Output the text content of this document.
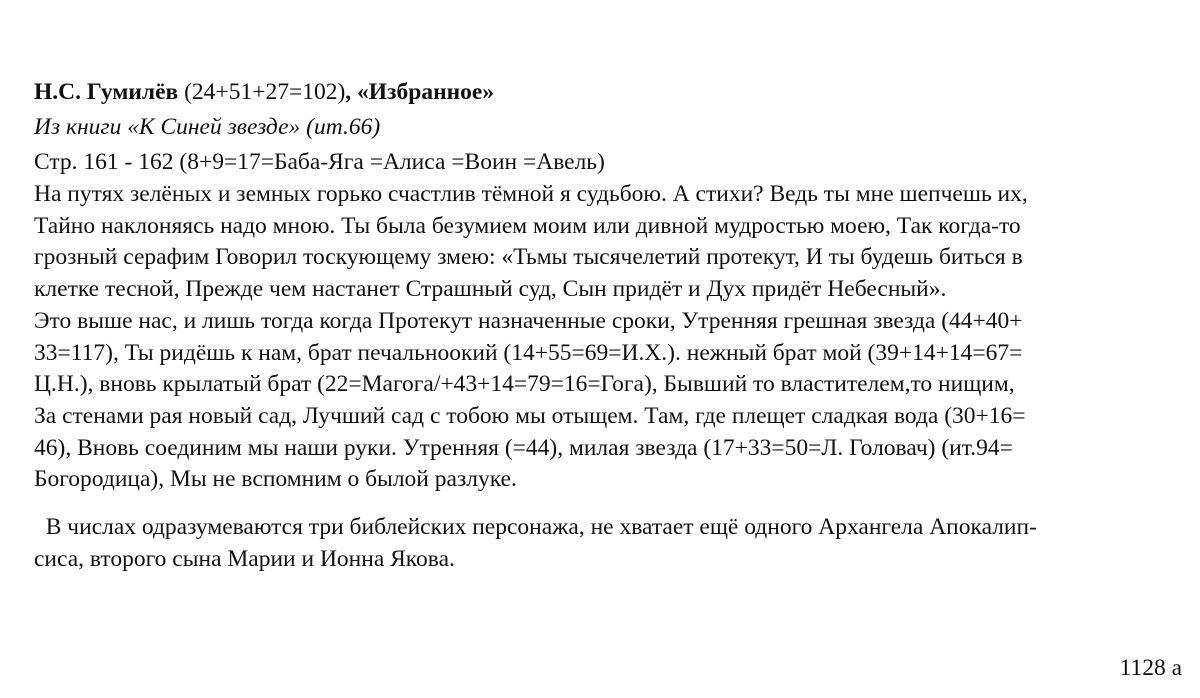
Н.С. Гумилёв (24+51+27=102), «Избранное»

Из книги «К Синей звезде» (ит.66)

Стр. 161 - 162 (8+9=17=Баба-Яга =Алиса =Воин =Авель)

На путях зелёных и земных горько счастлив тёмной я судьбою. А стихи? Ведь ты мне шепчешь их,
Тайно наклоняясь надо мною. Ты была безумием моим или дивной мудростью моею, Так когда-то
грозный серафим Говорил тоскующему змею: «Тьмы тысячелетий протекут, И ты будешь биться в
клетке тесной, Прежде чем настанет Страшный суд, Сын придёт и Дух придёт Небесный».
Это выше нас, и лишь тогда когда Протекут назначенные сроки, Утренняя грешная звезда (44+40+
33=117), Ты ридёшь к нам, брат печальноокий (14+55=69=И.Х.). нежный брат мой (39+14+14=67=
Ц.Н.), вновь крылатый брат (22=Магога/+43+14=79=16=Гога), Бывший то властителем,то нищим,
За стенами рая новый сад, Лучший сад с тобою мы отыщем. Там, где плещет сладкая вода (30+16=
46), Вновь соединим мы наши руки. Утренняя (=44), милая звезда (17+33=50=Л. Головач) (ит.94=
Богородица), Мы не вспомним о былой разлуке.
В числах одразумеваются три библейских персонажа, не хватает ещё одного Архангела Апокалип-
сиса, второго сына Марии и Ионна Якова.
1128 а
